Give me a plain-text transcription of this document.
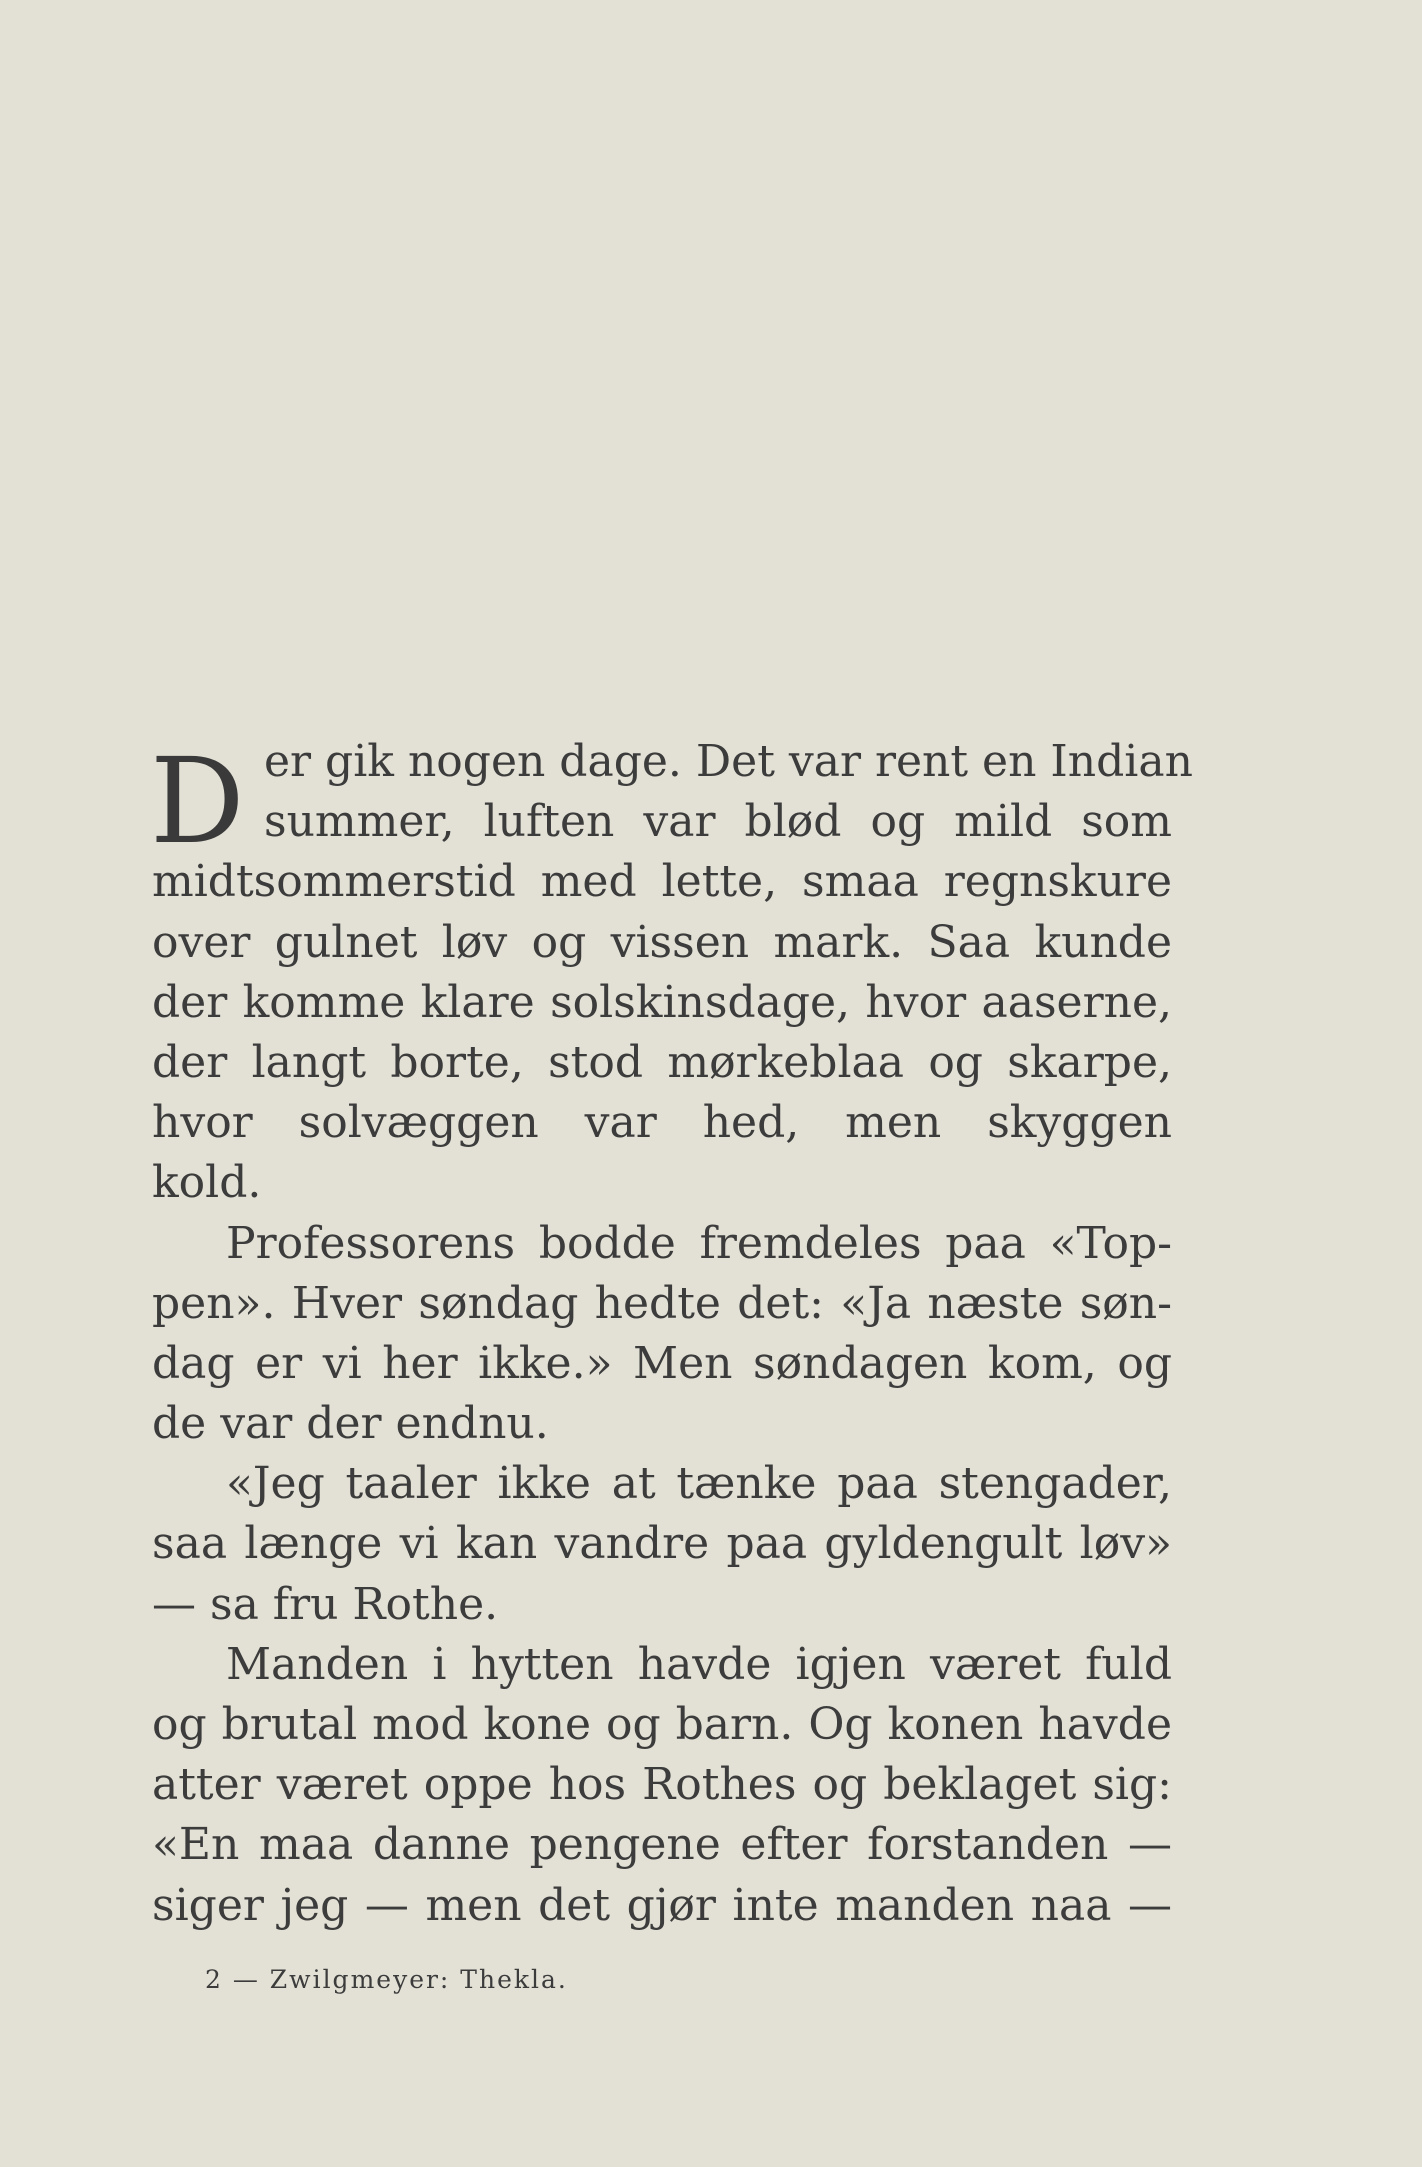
D er gik nogen dage. Det var rent en Indian
summer, luften var blød og mild som
midtsommerstid med lette, smaa regnskure
over gulnet løv og vissen mark. Saa kunde
der komme klare solskinsdage, hvor aaserne,
der langt borte, stod mørkeblaa og skarpe,
hvor solvæggen var hed, men skyggen
kold.
Professorens bodde fremdeles paa «Top-
pen». Hver søndag hedte det: «Ja næste søn-
dag er vi her ikke.» Men søndagen kom, og
de var der endnu.
«Jeg taaler ikke at tænke paa stengader,
saa længe vi kan vandre paa gyldengult løv»
— sa fru Rothe.
Manden i hytten havde igjen været fuld
og brutal mod kone og barn. Og konen havde
atter været oppe hos Rothes og beklaget sig:
«En maa danne pengene efter forstanden —
siger jeg — men det gjør inte manden naa —
2 — Zwilgmeyer: Thekla.
